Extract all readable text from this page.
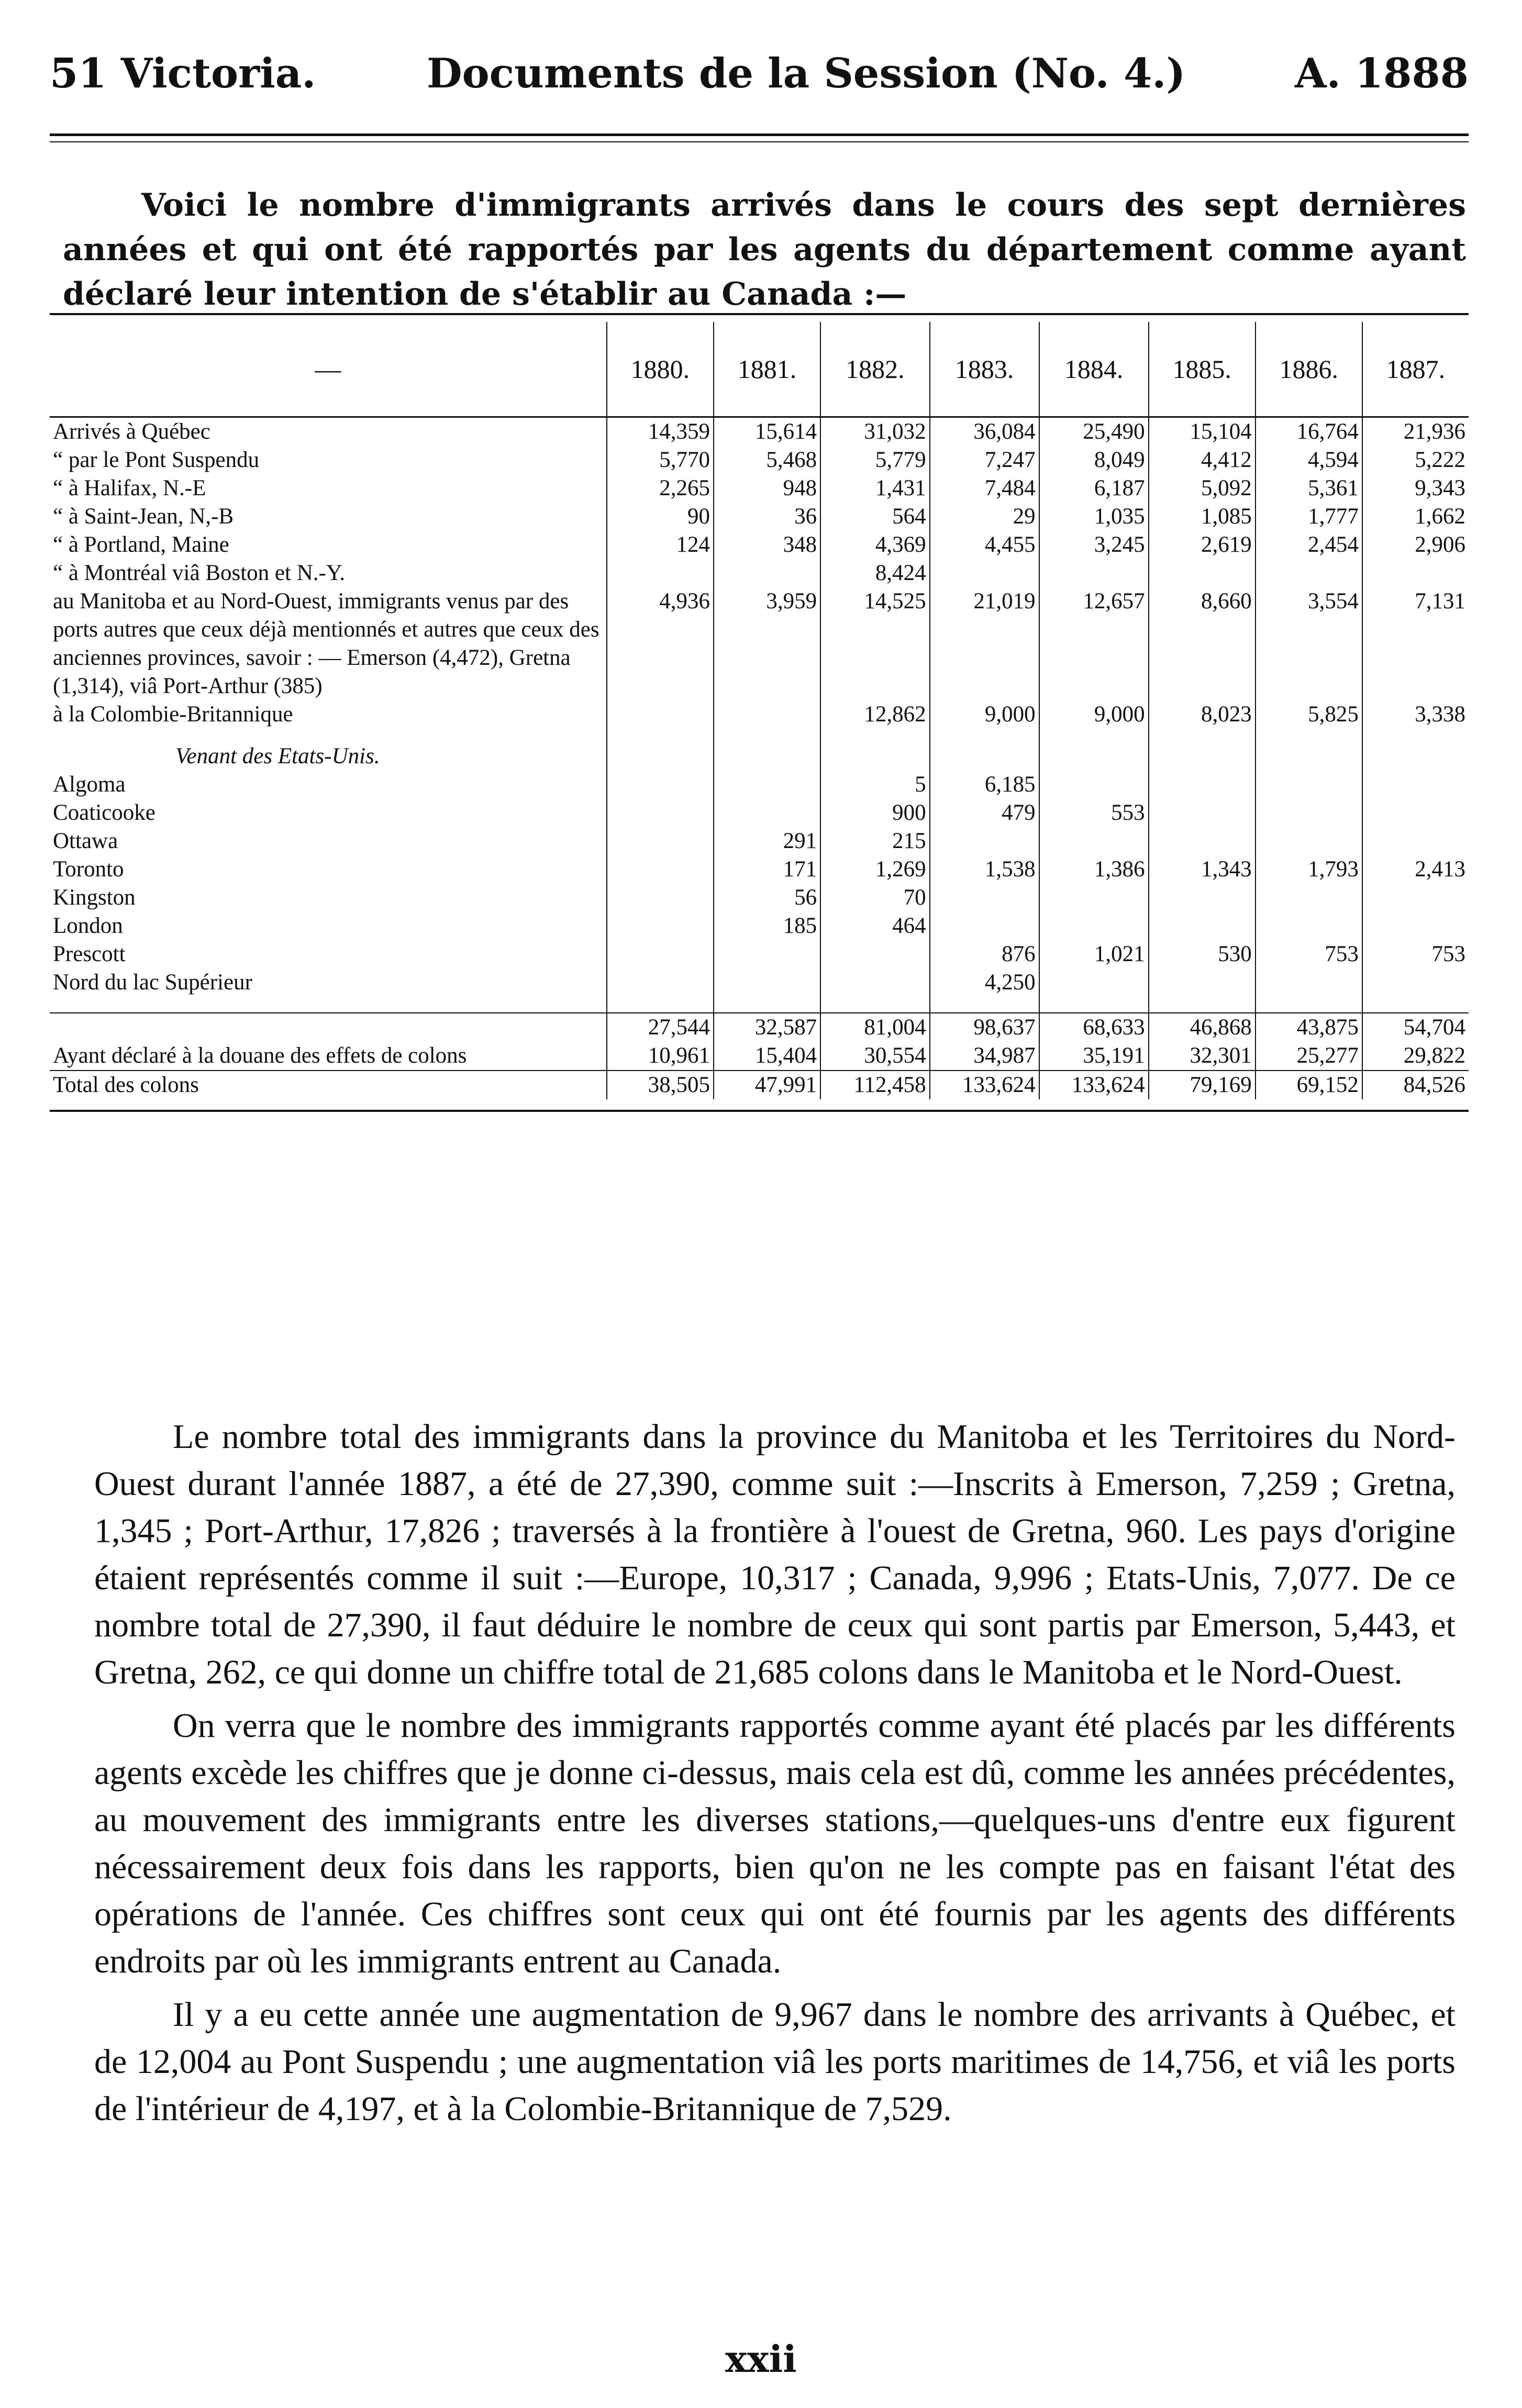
51 Victoria.	Documents de la Session (No. 4.)	A. 1888
Voici le nombre d'immigrants arrivés dans le cours des sept dernières années et qui ont été rapportés par les agents du département comme ayant déclaré leur intention de s'établir au Canada :—
—	1880.	1881.	1882.	1883.	1884.	1885.	1886.	1887.
Arrivés à Québec	14,359	15,614	31,032	36,084	25,490	15,104	16,764	21,936
“ par le Pont Suspendu	5,770	5,468	5,779	7,247	8,049	4,412	4,594	5,222
“ à Halifax, N.-E	2,265	948	1,431	7,484	6,187	5,092	5,361	9,343
“ à Saint-Jean, N,-B	90	36	564	29	1,035	1,085	1,777	1,662
“ à Portland, Maine	124	348	4,369	4,455	3,245	2,619	2,454	2,906
“ à Montréal viâ Boston et N.-Y.			8,424					
au Manitoba et au Nord-Ouest, immigrants venus par des ports autres que ceux déjà mentionnés et autres que ceux des anciennes provinces, savoir : — Emerson (4,472), Gretna (1,314), viâ Port-Arthur (385)	4,936	3,959	14,525	21,019	12,657	8,660	3,554	7,131
à la Colombie-Britannique			12,862	9,000	9,000	8,023	5,825	3,338
Venant des Etats-Unis.								
Algoma			5	6,185				
Coaticooke			900	479	553			
Ottawa		291	215					
Toronto		171	1,269	1,538	1,386	1,343	1,793	2,413
Kingston		56	70					
London		185	464					
Prescott				876	1,021	530	753	753
Nord du lac Supérieur				4,250				

	27,544	32,587	81,004	98,637	68,633	46,868	43,875	54,704
Ayant déclaré à la douane des effets de colons	10,961	15,404	30,554	34,987	35,191	32,301	25,277	29,822
Total des colons	38,505	47,991	112,458	133,624	133,624	79,169	69,152	84,526

Le nombre total des immigrants dans la province du Manitoba et les Territoires du Nord-Ouest durant l'année 1887, a été de 27,390, comme suit :—Inscrits à Emerson, 7,259 ; Gretna, 1,345 ; Port-Arthur, 17,826 ; traversés à la frontière à l'ouest de Gretna, 960. Les pays d'origine étaient représentés comme il suit :—Europe, 10,317 ; Canada, 9,996 ; Etats-Unis, 7,077. De ce nombre total de 27,390, il faut déduire le nombre de ceux qui sont partis par Emerson, 5,443, et Gretna, 262, ce qui donne un chiffre total de 21,685 colons dans le Manitoba et le Nord-Ouest.

On verra que le nombre des immigrants rapportés comme ayant été placés par les différents agents excède les chiffres que je donne ci-dessus, mais cela est dû, comme les années précédentes, au mouvement des immigrants entre les diverses stations,—quelques-uns d'entre eux figurent nécessairement deux fois dans les rapports, bien qu'on ne les compte pas en faisant l'état des opérations de l'année. Ces chiffres sont ceux qui ont été fournis par les agents des différents endroits par où les immigrants entrent au Canada.

Il y a eu cette année une augmentation de 9,967 dans le nombre des arrivants à Québec, et de 12,004 au Pont Suspendu ; une augmentation viâ les ports maritimes de 14,756, et viâ les ports de l'intérieur de 4,197, et à la Colombie-Britannique de 7,529.

xxii
